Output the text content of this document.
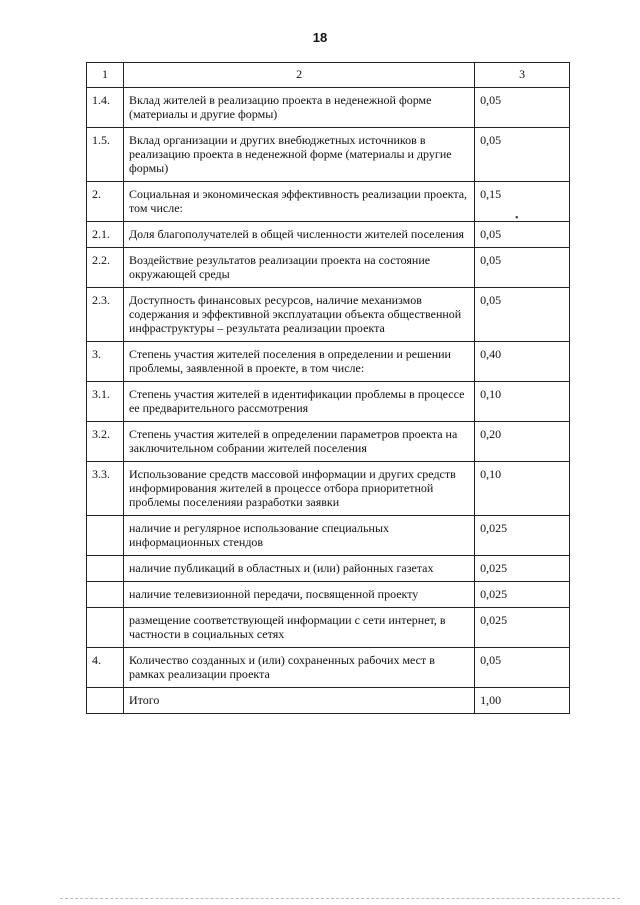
18
1	2	3
1.4.	Вклад жителей в реализацию проекта в неденежной форме (материалы и другие формы)	0,05
1.5.	Вклад организации и других внебюджетных источников в реализацию проекта в неденежной форме (материалы и другие формы)	0,05
2.	Социальная и экономическая эффективность реализации проекта, том числе:	0,15
2.1.	Доля благополучателей в общей численности жителей поселения	0,05
2.2.	Воздействие результатов реализации проекта на состояние окружающей среды	0,05
2.3.	Доступность финансовых ресурсов, наличие механизмов содержания и эффективной эксплуатации объекта общественной инфраструктуры – результата реализации проекта	0,05
3.	Степень участия жителей поселения в определении и решении проблемы, заявленной в проекте, в том числе:	0,40
3.1.	Степень участия жителей в идентификации проблемы в процессе ее предварительного рассмотрения	0,10
3.2.	Степень участия жителей в определении параметров проекта на заключительном собрании жителей поселения	0,20
3.3.	Использование средств массовой информации и других средств информирования жителей в процессе отбора приоритетной проблемы поселенияи разработки заявки	0,10
	наличие и регулярное использование специальных информационных стендов	0,025
	наличие публикаций в областных и (или) районных газетах	0,025
	наличие телевизионной передачи, посвященной проекту	0,025
	размещение соответствующей информации с сети интернет, в частности в социальных сетях	0,025
4.	Количество созданных и (или) сохраненных рабочих мест в рамках реализации проекта	0,05
	Итого	1,00
•
